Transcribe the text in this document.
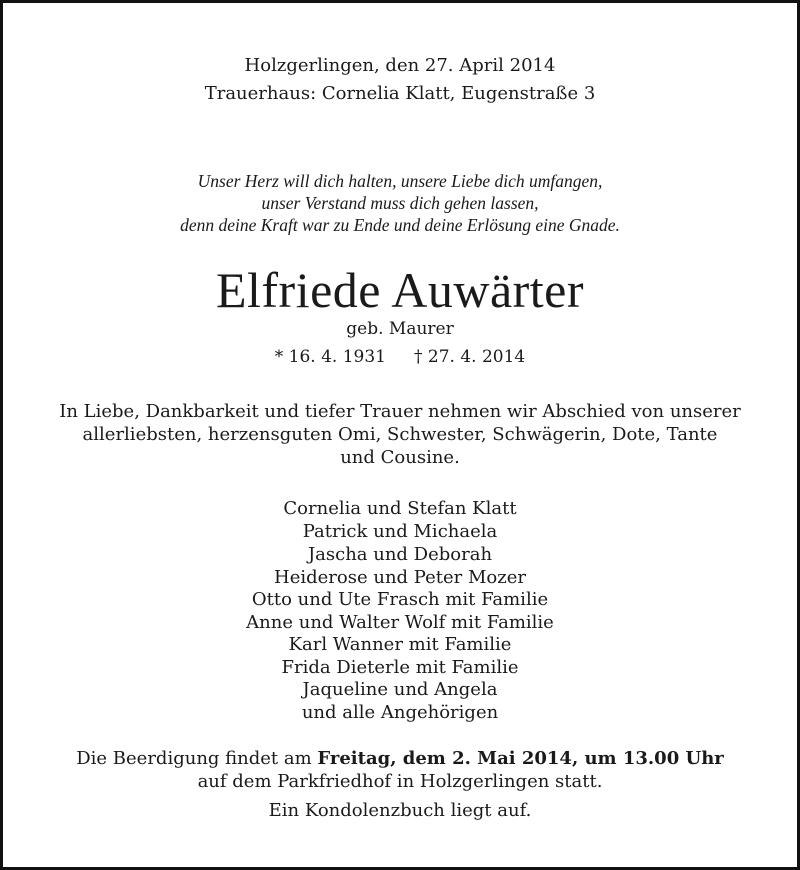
Holzgerlingen, den 27. April 2014
Trauerhaus: Cornelia Klatt, Eugenstraße 3
Unser Herz will dich halten, unsere Liebe dich umfangen,
unser Verstand muss dich gehen lassen,
denn deine Kraft war zu Ende und deine Erlösung eine Gnade.
Elfriede Auwärter
geb. Maurer
* 16. 4. 1931 † 27. 4. 2014
In Liebe, Dankbarkeit und tiefer Trauer nehmen wir Abschied von unserer
allerliebsten, herzensguten Omi, Schwester, Schwägerin, Dote, Tante
und Cousine.
Cornelia und Stefan Klatt
Patrick und Michaela
Jascha und Deborah
Heiderose und Peter Mozer
Otto und Ute Frasch mit Familie
Anne und Walter Wolf mit Familie
Karl Wanner mit Familie
Frida Dieterle mit Familie
Jaqueline und Angela
und alle Angehörigen
Die Beerdigung findet am Freitag, dem 2. Mai 2014, um 13.00 Uhr
auf dem Parkfriedhof in Holzgerlingen statt.
Ein Kondolenzbuch liegt auf.
